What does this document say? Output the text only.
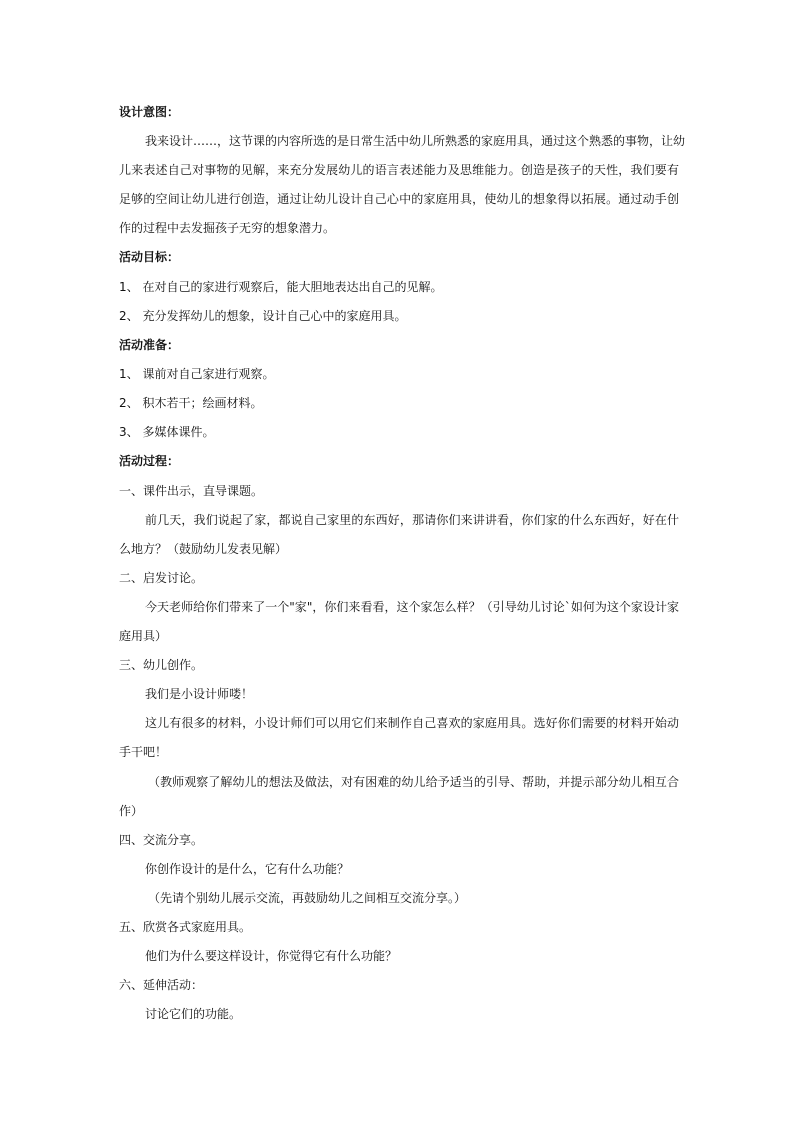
设计意图：
我来设计……，这节课的内容所选的是日常生活中幼儿所熟悉的家庭用具，通过这个熟悉的事物，让幼
儿来表述自己对事物的见解，来充分发展幼儿的语言表述能力及思维能力。创造是孩子的天性，我们要有
足够的空间让幼儿进行创造，通过让幼儿设计自己心中的家庭用具，使幼儿的想象得以拓展。通过动手创
作的过程中去发掘孩子无穷的想象潜力。
活动目标：
1、 在对自己的家进行观察后，能大胆地表达出自己的见解。
2、 充分发挥幼儿的想象，设计自己心中的家庭用具。
活动准备：
1、 课前对自己家进行观察。
2、 积木若干；绘画材料。
3、 多媒体课件。
活动过程：
一、课件出示，直导课题。
前几天，我们说起了家，都说自己家里的东西好，那请你们来讲讲看，你们家的什么东西好，好在什
么地方？（鼓励幼儿发表见解）
二、启发讨论。
今天老师给你们带来了一个"家"，你们来看看，这个家怎么样？（引导幼儿讨论`如何为这个家设计家
庭用具）
三、幼儿创作。
我们是小设计师喽！
这儿有很多的材料，小设计师们可以用它们来制作自己喜欢的家庭用具。选好你们需要的材料开始动
手干吧！
（教师观察了解幼儿的想法及做法，对有困难的幼儿给予适当的引导、帮助，并提示部分幼儿相互合
作）
四、交流分享。
你创作设计的是什么，它有什么功能？
（先请个别幼儿展示交流，再鼓励幼儿之间相互交流分享。）
五、欣赏各式家庭用具。
他们为什么要这样设计，你觉得它有什么功能？
六、延伸活动：
讨论它们的功能。
